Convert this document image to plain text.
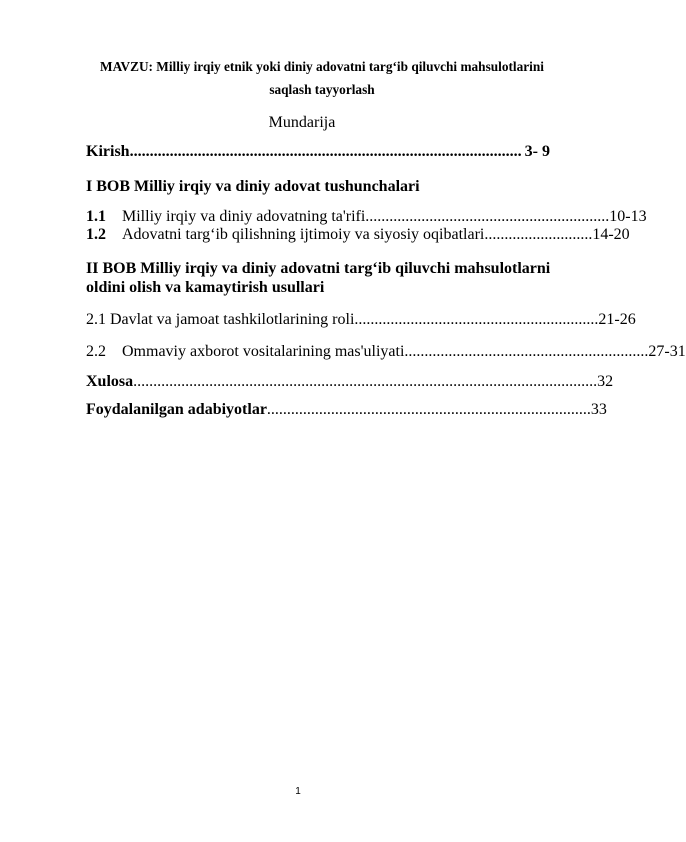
MAVZU: Milliy irqiy etnik yoki diniy adovatni targ‘ib qiluvchi mahsulotlarini
saqlash tayyorlash
Mundarija
Kirish .................................................................................................. 3- 9
I BOB Milliy irqiy va diniy adovat tushunchalari
1.1	Milliy irqiy va diniy adovatning ta'rifi ............................................................. 10-13
1.2	Adovatni targ‘ib qilishning ijtimoiy va siyosiy oqibatlari ........................... 14-20
II BOB Milliy irqiy va diniy adovatni targ‘ib qiluvchi mahsulotlarni
oldini olish va kamaytirish usullari
2.1 Davlat va jamoat tashkilotlarining roli ............................................................. 21-26
2.2	Ommaviy axborot vositalarining mas'uliyati ............................................................. 27-31
Xulosa .................................................................................................................... 32
Foydalanilgan adabiyotlar ................................................................................. 33
1
